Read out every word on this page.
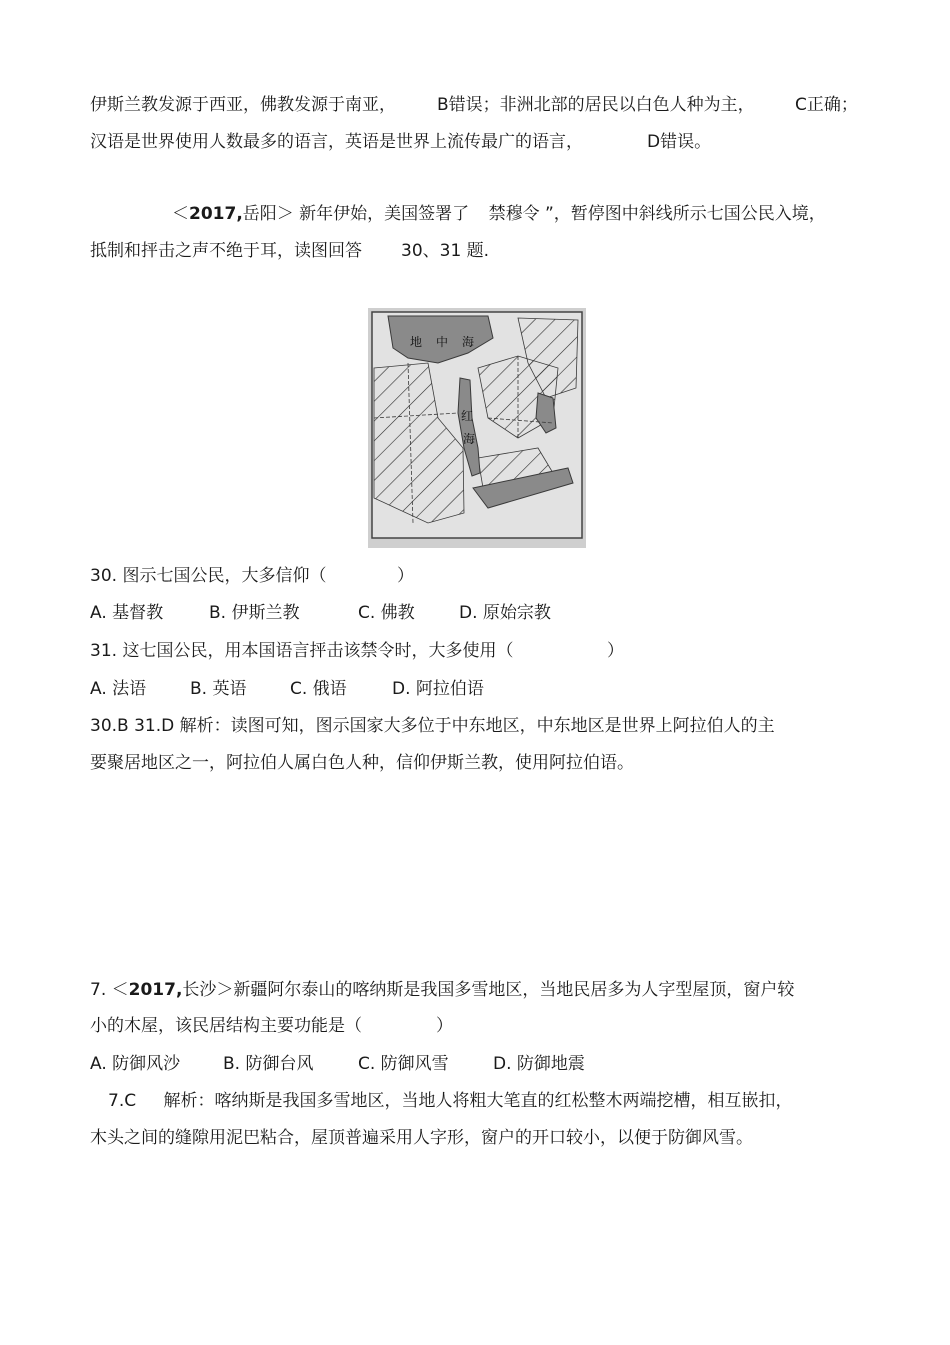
伊斯兰教发源于西亚，佛教发源于南亚， B错误；非洲北部的居民以白色人种为主， C正确；
汉语是世界使用人数最多的语言，英语是世界上流传最广的语言，	D错误。
＜2017,岳阳＞ 新年伊始，美国签署了 禁穆令 ”，暂停图中斜线所示七国公民入境，
抵制和抨击之声不绝于耳，读图回答 30、31 题.
地 中 海
红
海
30. 图示七国公民，大多信仰（	）
A. 基督教	B. 伊斯兰教	C. 佛教	D. 原始宗教
31. 这七国公民，用本国语言抨击该禁令时，大多使用（	）
A. 法语	B. 英语	C. 俄语	D. 阿拉伯语
30.B 31.D 解析：读图可知，图示国家大多位于中东地区，中东地区是世界上阿拉伯人的主
要聚居地区之一，阿拉伯人属白色人种，信仰伊斯兰教，使用阿拉伯语。
7. ＜2017,长沙＞新疆阿尔泰山的喀纳斯是我国多雪地区，当地民居多为人字型屋顶，窗户较
小的木屋，该民居结构主要功能是（	）
A. 防御风沙	B. 防御台风	C. 防御风雪	D. 防御地震
7.C 解析：喀纳斯是我国多雪地区，当地人将粗大笔直的红松整木两端挖槽，相互嵌扣，
木头之间的缝隙用泥巴粘合，屋顶普遍采用人字形，窗户的开口较小，以便于防御风雪。
